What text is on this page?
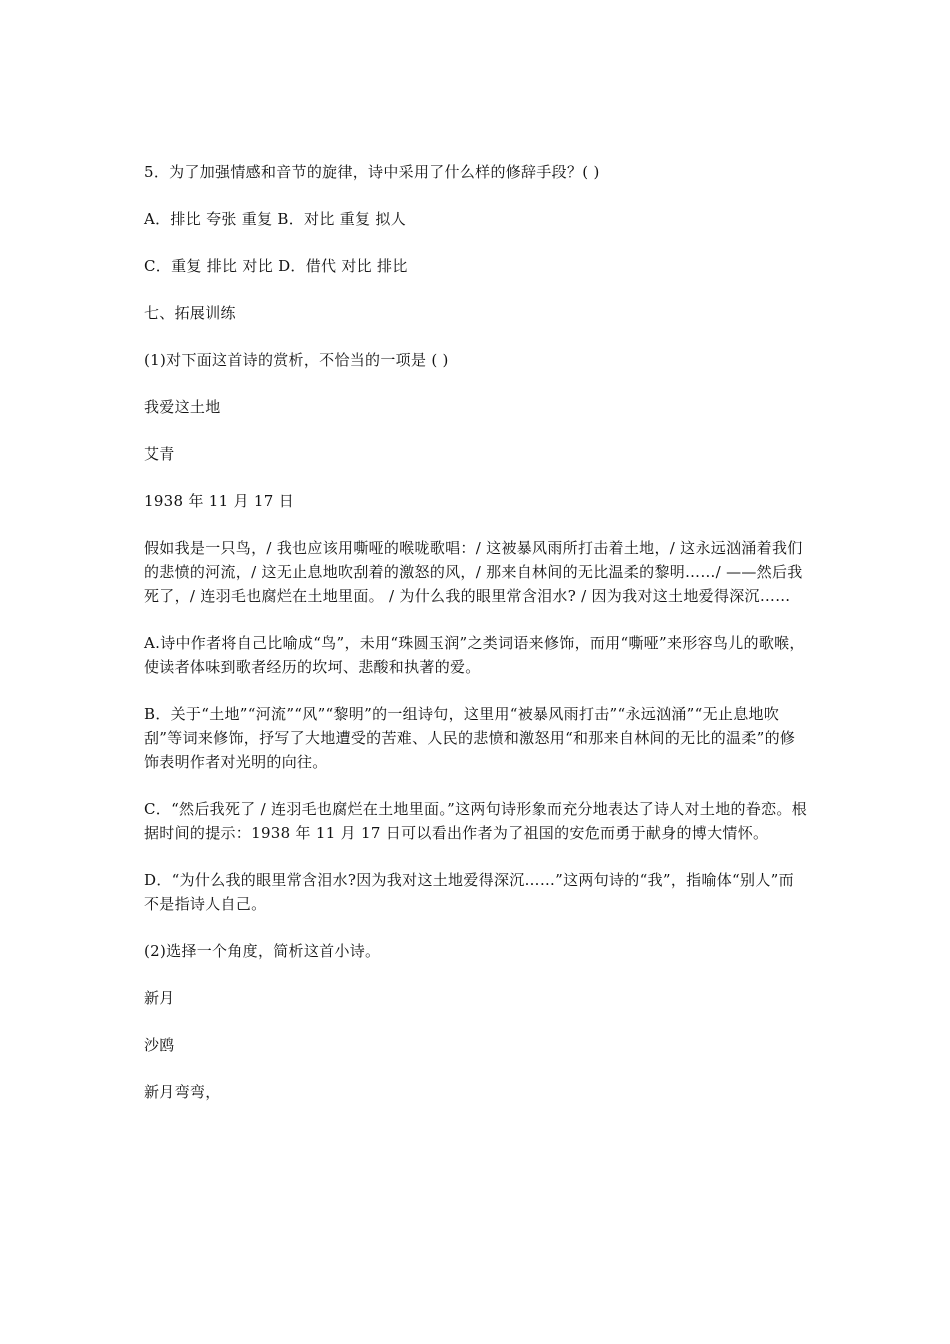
5．为了加强情感和音节的旋律，诗中采用了什么样的修辞手段？( )

A．排比 夸张 重复 B．对比 重复 拟人

C．重复 排比 对比 D．借代 对比 排比

七、拓展训练

(1)对下面这首诗的赏析，不恰当的一项是 ( )

我爱这土地

艾青

1938 年 11 月 17 日

假如我是一只鸟，/ 我也应该用嘶哑的喉咙歌唱：/ 这被暴风雨所打击着土地，/ 这永远汹涌着我们的悲愤的河流，/ 这无止息地吹刮着的激怒的风，/ 那来自林间的无比温柔的黎明……/ ——然后我死了，/ 连羽毛也腐烂在土地里面。 / 为什么我的眼里常含泪水? / 因为我对这土地爱得深沉……

A.诗中作者将自己比喻成“鸟”，未用“珠圆玉润”之类词语来修饰，而用“嘶哑”来形容鸟儿的歌喉，使读者体味到歌者经历的坎坷、悲酸和执著的爱。

B．关于“土地”“河流”“风”“黎明”的一组诗句，这里用“被暴风雨打击”“永远汹涌”“无止息地吹刮”等词来修饰，抒写了大地遭受的苦难、人民的悲愤和激怒用“和那来自林间的无比的温柔”的修饰表明作者对光明的向往。

C．“然后我死了 / 连羽毛也腐烂在土地里面。”这两句诗形象而充分地表达了诗人对土地的眷恋。根据时间的提示：1938 年 11 月 17 日可以看出作者为了祖国的安危而勇于献身的博大情怀。

D．“为什么我的眼里常含泪水?因为我对这土地爱得深沉……”这两句诗的“我”，指喻体“别人”而不是指诗人自己。

(2)选择一个角度，简析这首小诗。

新月

沙鸥

新月弯弯，
